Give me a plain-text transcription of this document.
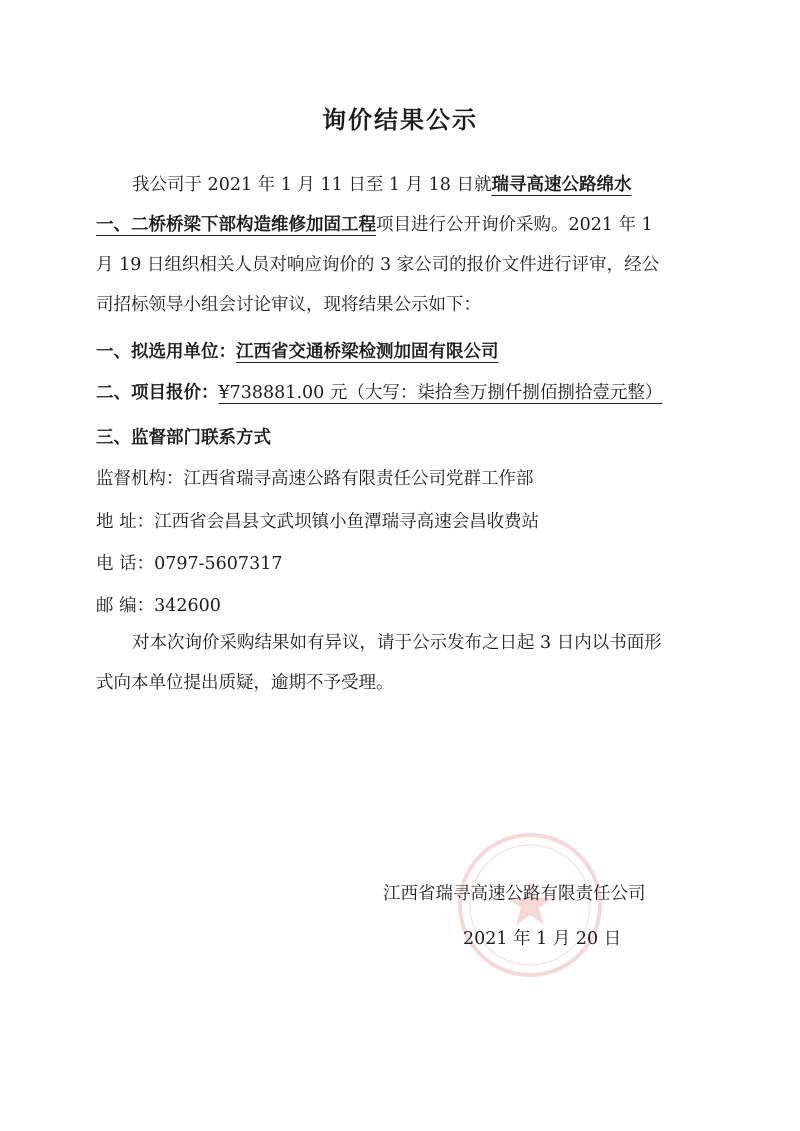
询价结果公示
我公司于 2021 年 1 月 11 日至 1 月 18 日就瑞寻高速公路绵水一、二桥桥梁下部构造维修加固工程项目进行公开询价采购。2021 年 1 月 19 日组织相关人员对响应询价的 3 家公司的报价文件进行评审，经公司招标领导小组会讨论审议，现将结果公示如下：
一、拟选用单位：江西省交通桥梁检测加固有限公司
二、项目报价：¥738881.00 元（大写：柒拾叁万捌仟捌佰捌拾壹元整）
三、监督部门联系方式
监督机构：江西省瑞寻高速公路有限责任公司党群工作部
地 址：江西省会昌县文武坝镇小鱼潭瑞寻高速会昌收费站
电 话：0797-5607317
邮 编：342600
对本次询价采购结果如有异议，请于公示发布之日起 3 日内以书面形式向本单位提出质疑，逾期不予受理。
江西省瑞寻高速公路有限责任公司
2021 年 1 月 20 日
